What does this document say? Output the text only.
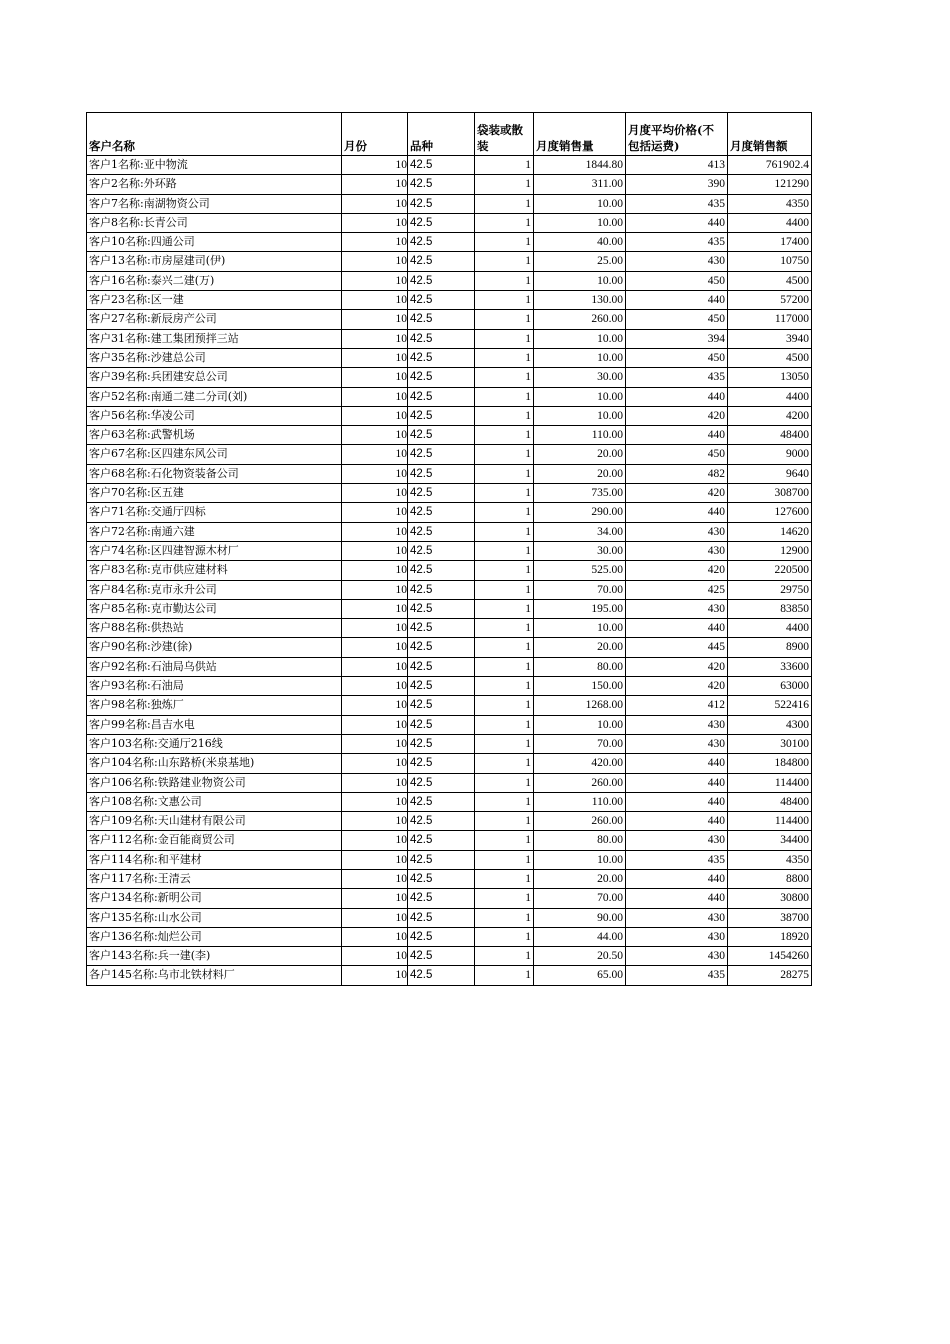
客户名称	月份	品种	袋装或散装	月度销售量	月度平均价格(不包括运费)	月度销售额
客户1名称:亚中物流	10	42.5	1	1844.80	413	761902.4
客户2名称:外环路	10	42.5	1	311.00	390	121290
客户7名称:南湖物资公司	10	42.5	1	10.00	435	4350
客户8名称:长青公司	10	42.5	1	10.00	440	4400
客户10名称:四通公司	10	42.5	1	40.00	435	17400
客户13名称:市房屋建司(伊)	10	42.5	1	25.00	430	10750
客户16名称:泰兴二建(万)	10	42.5	1	10.00	450	4500
客户23名称:区一建	10	42.5	1	130.00	440	57200
客户27名称:新辰房产公司	10	42.5	1	260.00	450	117000
客户31名称:建工集团预拌三站	10	42.5	1	10.00	394	3940
客户35名称:沙建总公司	10	42.5	1	10.00	450	4500
客户39名称:兵团建安总公司	10	42.5	1	30.00	435	13050
客户52名称:南通二建二分司(刘)	10	42.5	1	10.00	440	4400
客户56名称:华凌公司	10	42.5	1	10.00	420	4200
客户63名称:武警机场	10	42.5	1	110.00	440	48400
客户67名称:区四建东风公司	10	42.5	1	20.00	450	9000
客户68名称:石化物资装备公司	10	42.5	1	20.00	482	9640
客户70名称:区五建	10	42.5	1	735.00	420	308700
客户71名称:交通厅四标	10	42.5	1	290.00	440	127600
客户72名称:南通六建	10	42.5	1	34.00	430	14620
客户74名称:区四建智源木材厂	10	42.5	1	30.00	430	12900
客户83名称:克市供应建材料	10	42.5	1	525.00	420	220500
客户84名称:克市永升公司	10	42.5	1	70.00	425	29750
客户85名称:克市勤达公司	10	42.5	1	195.00	430	83850
客户88名称:供热站	10	42.5	1	10.00	440	4400
客户90名称:沙建(徐)	10	42.5	1	20.00	445	8900
客户92名称:石油局乌供站	10	42.5	1	80.00	420	33600
客户93名称:石油局	10	42.5	1	150.00	420	63000
客户98名称:独炼厂	10	42.5	1	1268.00	412	522416
客户99名称:昌吉水电	10	42.5	1	10.00	430	4300
客户103名称:交通厅216线	10	42.5	1	70.00	430	30100
客户104名称:山东路桥(米泉基地)	10	42.5	1	420.00	440	184800
客户106名称:铁路建业物资公司	10	42.5	1	260.00	440	114400
客户108名称:文惠公司	10	42.5	1	110.00	440	48400
客户109名称:天山建材有限公司	10	42.5	1	260.00	440	114400
客户112名称:金百能商贸公司	10	42.5	1	80.00	430	34400
客户114名称:和平建材	10	42.5	1	10.00	435	4350
客户117名称:王清云	10	42.5	1	20.00	440	8800
客户134名称:新明公司	10	42.5	1	70.00	440	30800
客户135名称:山水公司	10	42.5	1	90.00	430	38700
客户136名称:灿烂公司	10	42.5	1	44.00	430	18920
客户143名称:兵一建(李)	10	42.5	1	20.50	430	1454260
各户145名称:乌市北铁材料厂	10	42.5	1	65.00	435	28275
